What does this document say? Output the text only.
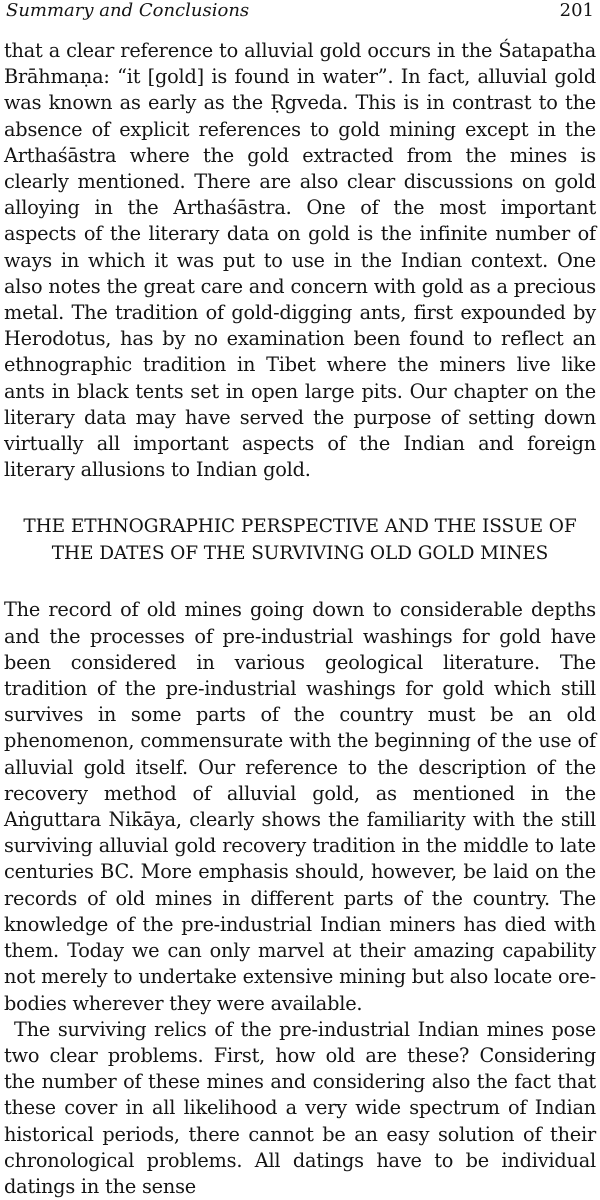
Summary and Conclusions	201

that a clear reference to alluvial gold occurs in the Śatapatha Brāhmaṇa: “it [gold] is found in water”. In fact, alluvial gold was known as early as the Ṛgveda. This is in contrast to the absence of explicit references to gold mining except in the Arthaśāstra where the gold extracted from the mines is clearly mentioned. There are also clear discussions on gold alloying in the Arthaśāstra. One of the most important aspects of the literary data on gold is the infinite number of ways in which it was put to use in the Indian context. One also notes the great care and concern with gold as a precious metal. The tradition of gold-digging ants, first expounded by Herodotus, has by no examination been found to reflect an ethnographic tradition in Tibet where the miners live like ants in black tents set in open large pits. Our chapter on the literary data may have served the purpose of setting down virtually all important aspects of the Indian and foreign literary allusions to Indian gold.

THE ETHNOGRAPHIC PERSPECTIVE AND THE ISSUE OF
THE DATES OF THE SURVIVING OLD GOLD MINES

The record of old mines going down to considerable depths and the processes of pre-industrial washings for gold have been considered in various geological literature. The tradition of the pre-industrial washings for gold which still survives in some parts of the country must be an old phenomenon, commensurate with the beginning of the use of alluvial gold itself. Our reference to the description of the recovery method of alluvial gold, as mentioned in the Aṅguttara Nikāya, clearly shows the familiarity with the still surviving alluvial gold recovery tradition in the middle to late centuries BC. More emphasis should, however, be laid on the records of old mines in different parts of the country. The knowledge of the pre-industrial Indian miners has died with them. Today we can only marvel at their amazing capability not merely to undertake extensive mining but also locate ore-bodies wherever they were available.

The surviving relics of the pre-industrial Indian mines pose two clear problems. First, how old are these? Considering the number of these mines and considering also the fact that these cover in all likelihood a very wide spectrum of Indian historical periods, there cannot be an easy solution of their chronological problems. All datings have to be individual datings in the sense
